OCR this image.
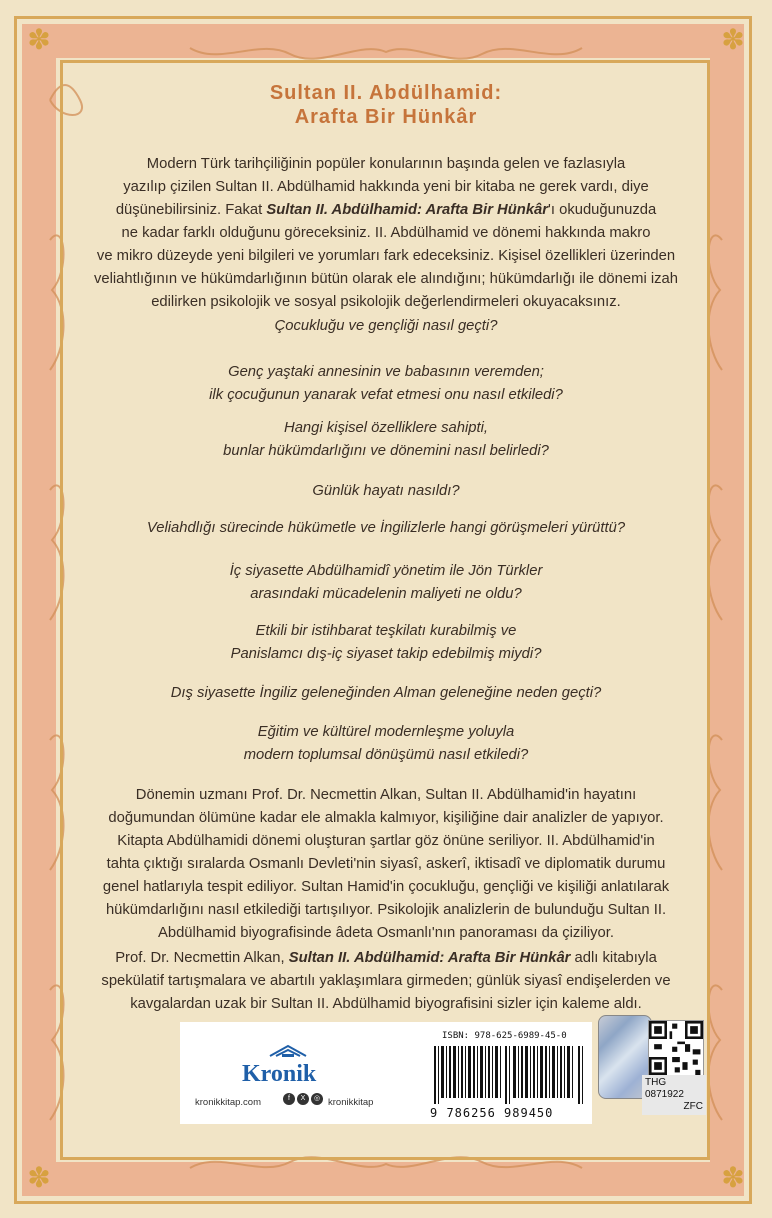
✽	✽
✽	✽
Sultan II. Abdülhamid:
Arafta Bir Hünkâr
Modern Türk tarihçiliğinin popüler konularının başında gelen ve fazlasıyla
yazılıp çizilen Sultan II. Abdülhamid hakkında yeni bir kitaba ne gerek vardı, diye
düşünebilirsiniz. Fakat Sultan II. Abdülhamid: Arafta Bir Hünkâr'ı okuduğunuzda
ne kadar farklı olduğunu göreceksiniz. II. Abdülhamid ve dönemi hakkında makro
ve mikro düzeyde yeni bilgileri ve yorumları fark edeceksiniz. Kişisel özellikleri üzerinden
veliahtlığının ve hükümdarlığının bütün olarak ele alındığını; hükümdarlığı ile dönemi izah
edilirken psikolojik ve sosyal psikolojik değerlendirmeleri okuyacaksınız.
Çocukluğu ve gençliği nasıl geçti?
Genç yaştaki annesinin ve babasının veremden;
ilk çocuğunun yanarak vefat etmesi onu nasıl etkiledi?
Hangi kişisel özelliklere sahipti,
bunlar hükümdarlığını ve dönemini nasıl belirledi?
Günlük hayatı nasıldı?
Veliahdlığı sürecinde hükümetle ve İngilizlerle hangi görüşmeleri yürüttü?
İç siyasette Abdülhamidî yönetim ile Jön Türkler
arasındaki mücadelenin maliyeti ne oldu?
Etkili bir istihbarat teşkilatı kurabilmiş ve
Panislamcı dış-iç siyaset takip edebilmiş miydi?
Dış siyasette İngiliz geleneğinden Alman geleneğine neden geçti?
Eğitim ve kültürel modernleşme yoluyla
modern toplumsal dönüşümü nasıl etkiledi?
Dönemin uzmanı Prof. Dr. Necmettin Alkan, Sultan II. Abdülhamid'in hayatını
doğumundan ölümüne kadar ele almakla kalmıyor, kişiliğine dair analizler de yapıyor.
Kitapta Abdülhamidi dönemi oluşturan şartlar göz önüne seriliyor. II. Abdülhamid'in
tahta çıktığı sıralarda Osmanlı Devleti'nin siyasî, askerî, iktisadî ve diplomatik durumu
genel hatlarıyla tespit ediliyor. Sultan Hamid'in çocukluğu, gençliği ve kişiliği anlatılarak
hükümdarlığını nasıl etkilediği tartışılıyor. Psikolojik analizlerin de bulunduğu Sultan II.
Abdülhamid biyografisinde âdeta Osmanlı'nın panoraması da çiziliyor.
Prof. Dr. Necmettin Alkan, Sultan II. Abdülhamid: Arafta Bir Hünkâr adlı kitabıyla
spekülatif tartışmalara ve abartılı yaklaşımlara girmeden; günlük siyasî endişelerden ve
kavgalardan uzak bir Sultan II. Abdülhamid biyografisini sizler için kaleme aldı.
Kronik
kronikkitap.com	f	X	◎ kronikkitap
ISBN: 978-625-6989-45-0
9 786256 989450
THG
0871922
ZFC
